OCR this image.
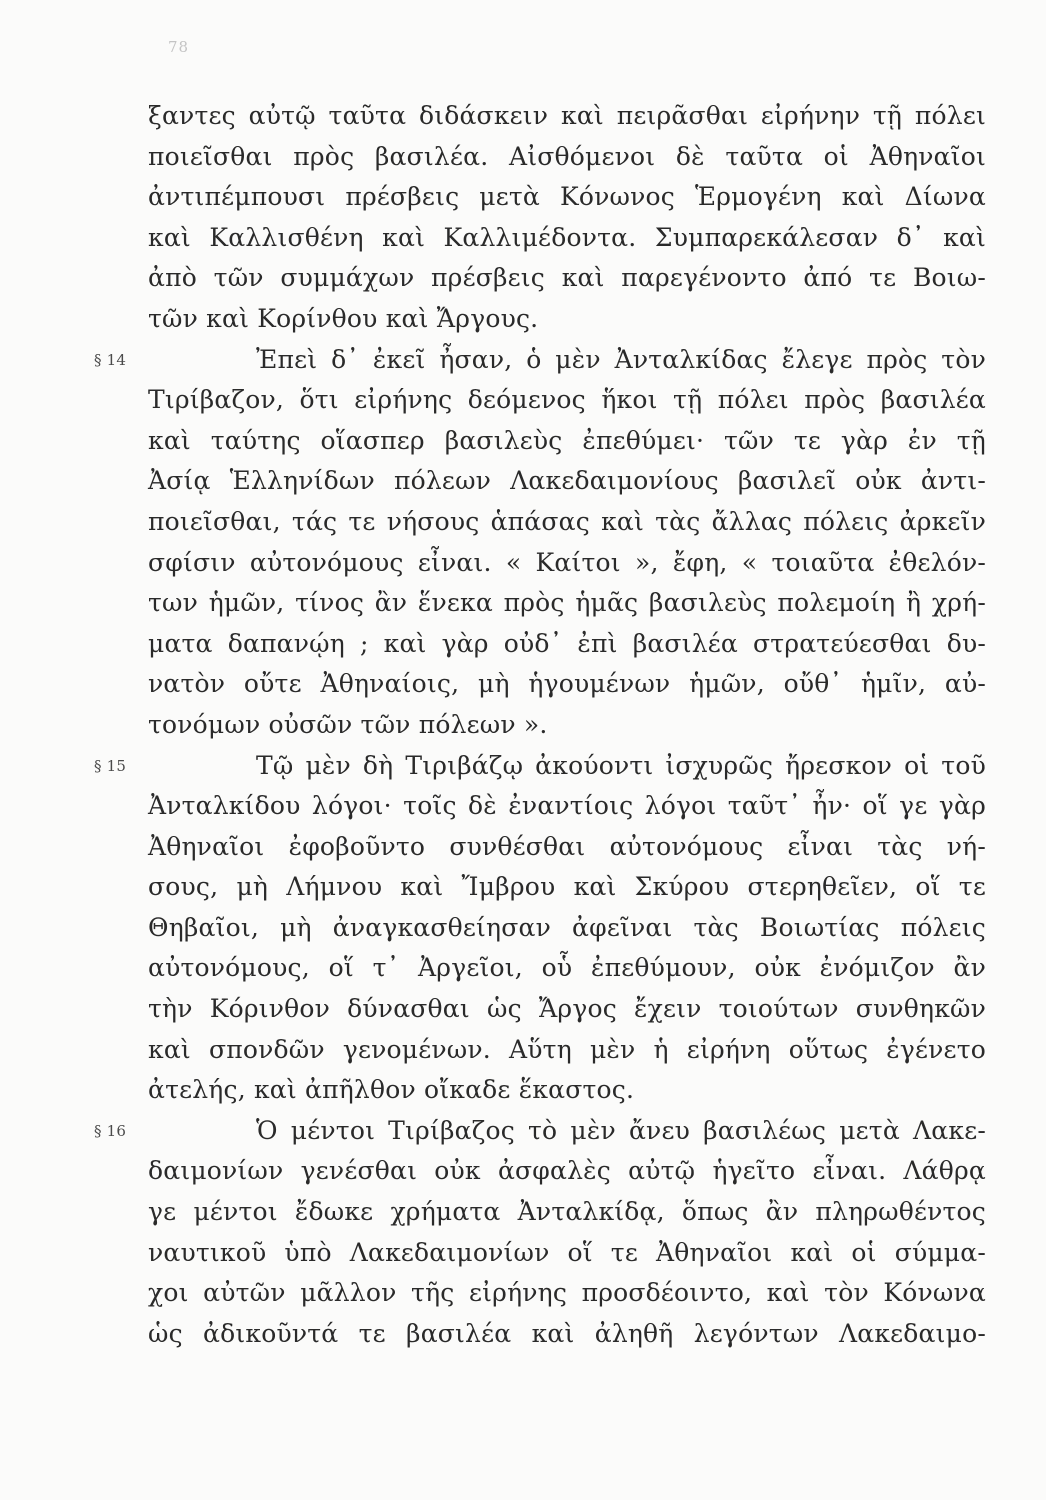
78
ξαντες αὐτῷ ταῦτα διδάσκειν καὶ πειρᾶσθαι εἰρήνην τῇ πόλει
ποιεῖσθαι πρὸς βασιλέα. Αἰσθόμενοι δὲ ταῦτα οἱ Ἀθηναῖοι
ἀντιπέμπουσι πρέσβεις μετὰ Κόνωνος Ἑρμογένη καὶ Δίωνα
καὶ Καλλισθένη καὶ Καλλιμέδοντα. Συμπαρεκάλεσαν δ᾽ καὶ
ἀπὸ τῶν συμμάχων πρέσβεις καὶ παρεγένοντο ἀπό τε Βοιω-
τῶν καὶ Κορίνθου καὶ Ἄργους.
§ 14	Ἐπεὶ δ᾽ ἐκεῖ ἦσαν, ὁ μὲν Ἀνταλκίδας ἔλεγε πρὸς τὸν
Τιρίβαζον, ὅτι εἰρήνης δεόμενος ἥκοι τῇ πόλει πρὸς βασιλέα
καὶ ταύτης οἵασπερ βασιλεὺς ἐπεθύμει· τῶν τε γὰρ ἐν τῇ
Ἀσίᾳ Ἑλληνίδων πόλεων Λακεδαιμονίους βασιλεῖ οὐκ ἀντι-
ποιεῖσθαι, τάς τε νήσους ἁπάσας καὶ τὰς ἄλλας πόλεις ἀρκεῖν
σφίσιν αὐτονόμους εἶναι. « Καίτοι », ἔφη, « τοιαῦτα ἐθελόν-
των ἡμῶν, τίνος ἂν ἕνεκα πρὸς ἡμᾶς βασιλεὺς πολεμοίη ἢ χρή-
ματα δαπανῴη ; καὶ γὰρ οὐδ᾽ ἐπὶ βασιλέα στρατεύεσθαι δυ-
νατὸν οὔτε Ἀθηναίοις, μὴ ἡγουμένων ἡμῶν, οὔθ᾽ ἡμῖν, αὐ-
τονόμων οὐσῶν τῶν πόλεων ».
§ 15	Τῷ μὲν δὴ Τιριβάζῳ ἀκούοντι ἰσχυρῶς ἤρεσκον οἱ τοῦ
Ἀνταλκίδου λόγοι· τοῖς δὲ ἐναντίοις λόγοι ταῦτ᾽ ἦν· οἵ γε γὰρ
Ἀθηναῖοι ἐφοβοῦντο συνθέσθαι αὐτονόμους εἶναι τὰς νή-
σους, μὴ Λήμνου καὶ Ἴμβρου καὶ Σκύρου στερηθεῖεν, οἵ τε
Θηβαῖοι, μὴ ἀναγκασθείησαν ἀφεῖναι τὰς Βοιωτίας πόλεις
αὐτονόμους, οἵ τ᾽ Ἀργεῖοι, οὗ ἐπεθύμουν, οὐκ ἐνόμιζον ἂν
τὴν Κόρινθον δύνασθαι ὡς Ἄργος ἔχειν τοιούτων συνθηκῶν
καὶ σπονδῶν γενομένων. Αὕτη μὲν ἡ εἰρήνη οὕτως ἐγένετο
ἀτελής, καὶ ἀπῆλθον οἴκαδε ἕκαστος.
§ 16	Ὁ μέντοι Τιρίβαζος τὸ μὲν ἄνευ βασιλέως μετὰ Λακε-
δαιμονίων γενέσθαι οὐκ ἀσφαλὲς αὐτῷ ἡγεῖτο εἶναι. Λάθρᾳ
γε μέντοι ἔδωκε χρήματα Ἀνταλκίδᾳ, ὅπως ἂν πληρωθέντος
ναυτικοῦ ὑπὸ Λακεδαιμονίων οἵ τε Ἀθηναῖοι καὶ οἱ σύμμα-
χοι αὐτῶν μᾶλλον τῆς εἰρήνης προσδέοιντο, καὶ τὸν Κόνωνα
ὡς ἀδικοῦντά τε βασιλέα καὶ ἀληθῆ λεγόντων Λακεδαιμο-
